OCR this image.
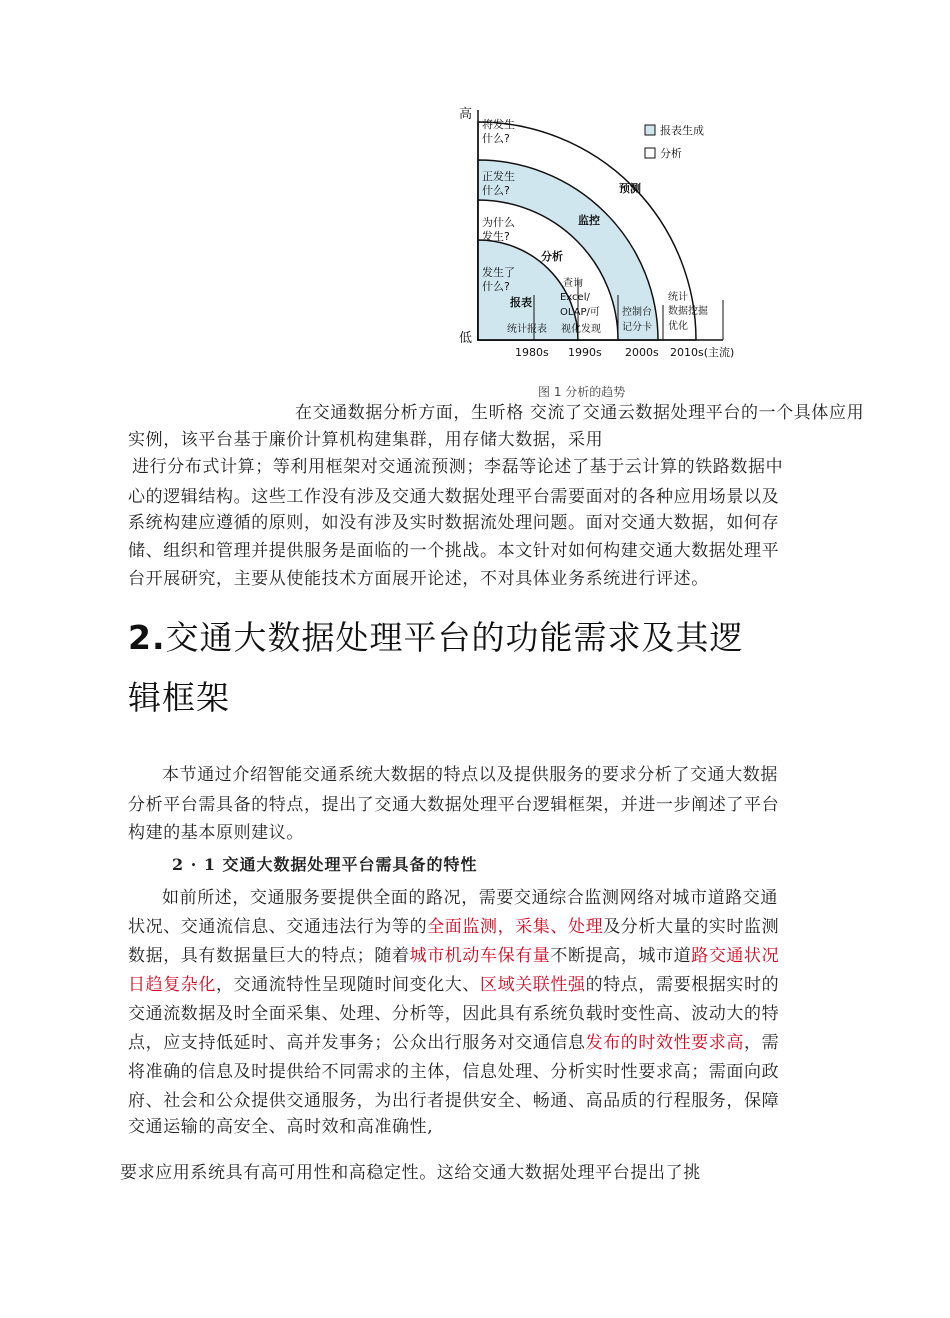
高
低
将发生
什么?
正发生
什么?
为什么
发生?
发生了
什么?
报表
分析
监控
预测
报表生成
分析
统计报表
查询
Excel/
OLAP/可
视化发现
控制台
记分卡
统计
数据挖掘
优化
1980s 1990s 2000s 2010s(主流)
图 1 分析的趋势
在交通数据分析方面，生昕格 交流了交通云数据处理平台的一个具体应用
实例，该平台基于廉价计算机构建集群，用存储大数据，采用
进行分布式计算；等利用框架对交通流预测；李磊等论述了基于云计算的铁路数据中
心的逻辑结构。这些工作没有涉及交通大数据处理平台需要面对的各种应用场景以及
系统构建应遵循的原则，如没有涉及实时数据流处理问题。面对交通大数据，如何存
储、组织和管理并提供服务是面临的一个挑战。本文针对如何构建交通大数据处理平
台开展研究，主要从使能技术方面展开论述，不对具体业务系统进行评述。
2.交通大数据处理平台的功能需求及其逻
辑框架
本节通过介绍智能交通系统大数据的特点以及提供服务的要求分析了交通大数据
分析平台需具备的特点，提出了交通大数据处理平台逻辑框架，并进一步阐述了平台
构建的基本原则建议。
2 · 1 交通大数据处理平台需具备的特性
如前所述，交通服务要提供全面的路况，需要交通综合监测网络对城市道路交通
状况、交通流信息、交通违法行为等的全面监测，采集、处理及分析大量的实时监测
数据，具有数据量巨大的特点；随着城市机动车保有量不断提高，城市道路交通状况
日趋复杂化，交通流特性呈现随时间变化大、区域关联性强的特点，需要根据实时的
交通流数据及时全面采集、处理、分析等，因此具有系统负载时变性高、波动大的特
点，应支持低延时、高并发事务；公众出行服务对交通信息发布的时效性要求高，需
将准确的信息及时提供给不同需求的主体，信息处理、分析实时性要求高；需面向政
府、社会和公众提供交通服务，为出行者提供安全、畅通、高品质的行程服务，保障
交通运输的高安全、高时效和高准确性,
要求应用系统具有高可用性和高稳定性。这给交通大数据处理平台提出了挑
